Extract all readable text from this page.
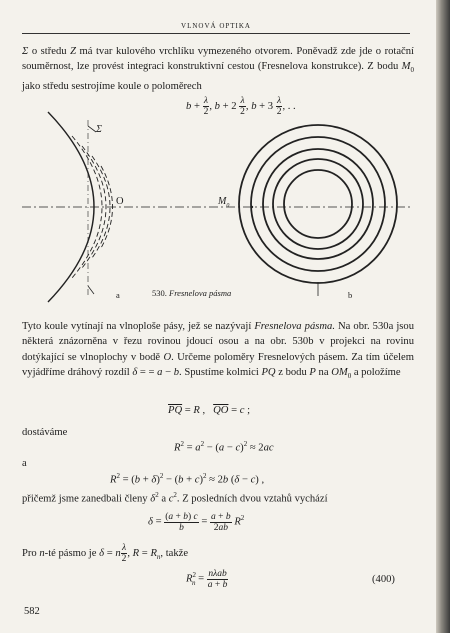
VLNOVÁ OPTIKA
Σ o středu Z má tvar kulového vrchlíku vymezeného otvorem. Poněvadž zde jde o rotační souměrnost, lze provést integraci konstruktivní cestou (Fresnelova konstrukce). Z bodu $M_0$ jako středu sestrojíme koule o poloměrech
$b + \frac{\lambda}{2}$ , $b + 2 \frac{\lambda}{2}$ , $b + 3 \frac{\lambda}{2}$ , . .
Σ
O	$M_0$
a	b
530. Fresnelova pásma
Tyto koule vytínají na vlnoploše pásy, jež se nazývají Fresnelova pásma. Na obr. 530a jsou některá znázorněna v řezu rovinou jdoucí osou a na obr. 530b v projekci na rovinu dotýkající se vlnoplochy v bodě O. Určeme poloměry Fresnelových pásem. Za tím účelem vyjádříme dráhový rozdíl δ = = a − b. Spustíme kolmici PQ z bodu P na $OM_0$ a položíme
$\overline{PQ} = R$ ,   $\overline{QO} = c$ ;
dostáváme
$R^2 = a^2 - (a - c)^2 \approx 2ac$
a
$R^2 = (b + \delta)^2 - (b + c)^2 \approx 2b$ (δ − c) ,
přičemž jsme zanedbali členy $\delta^2$ a $c^2$. Z posledních dvou vztahů vychází
$\delta = \frac{(a + b) c}{b} = \frac{a + b}{2ab} R^2$
Pro n-té pásmo je δ = n $\frac{\lambda}{2}$ , $R = R_n$, takže
$R^2_n = \frac{\text{nλab}}{a + b}$	(400)
582
